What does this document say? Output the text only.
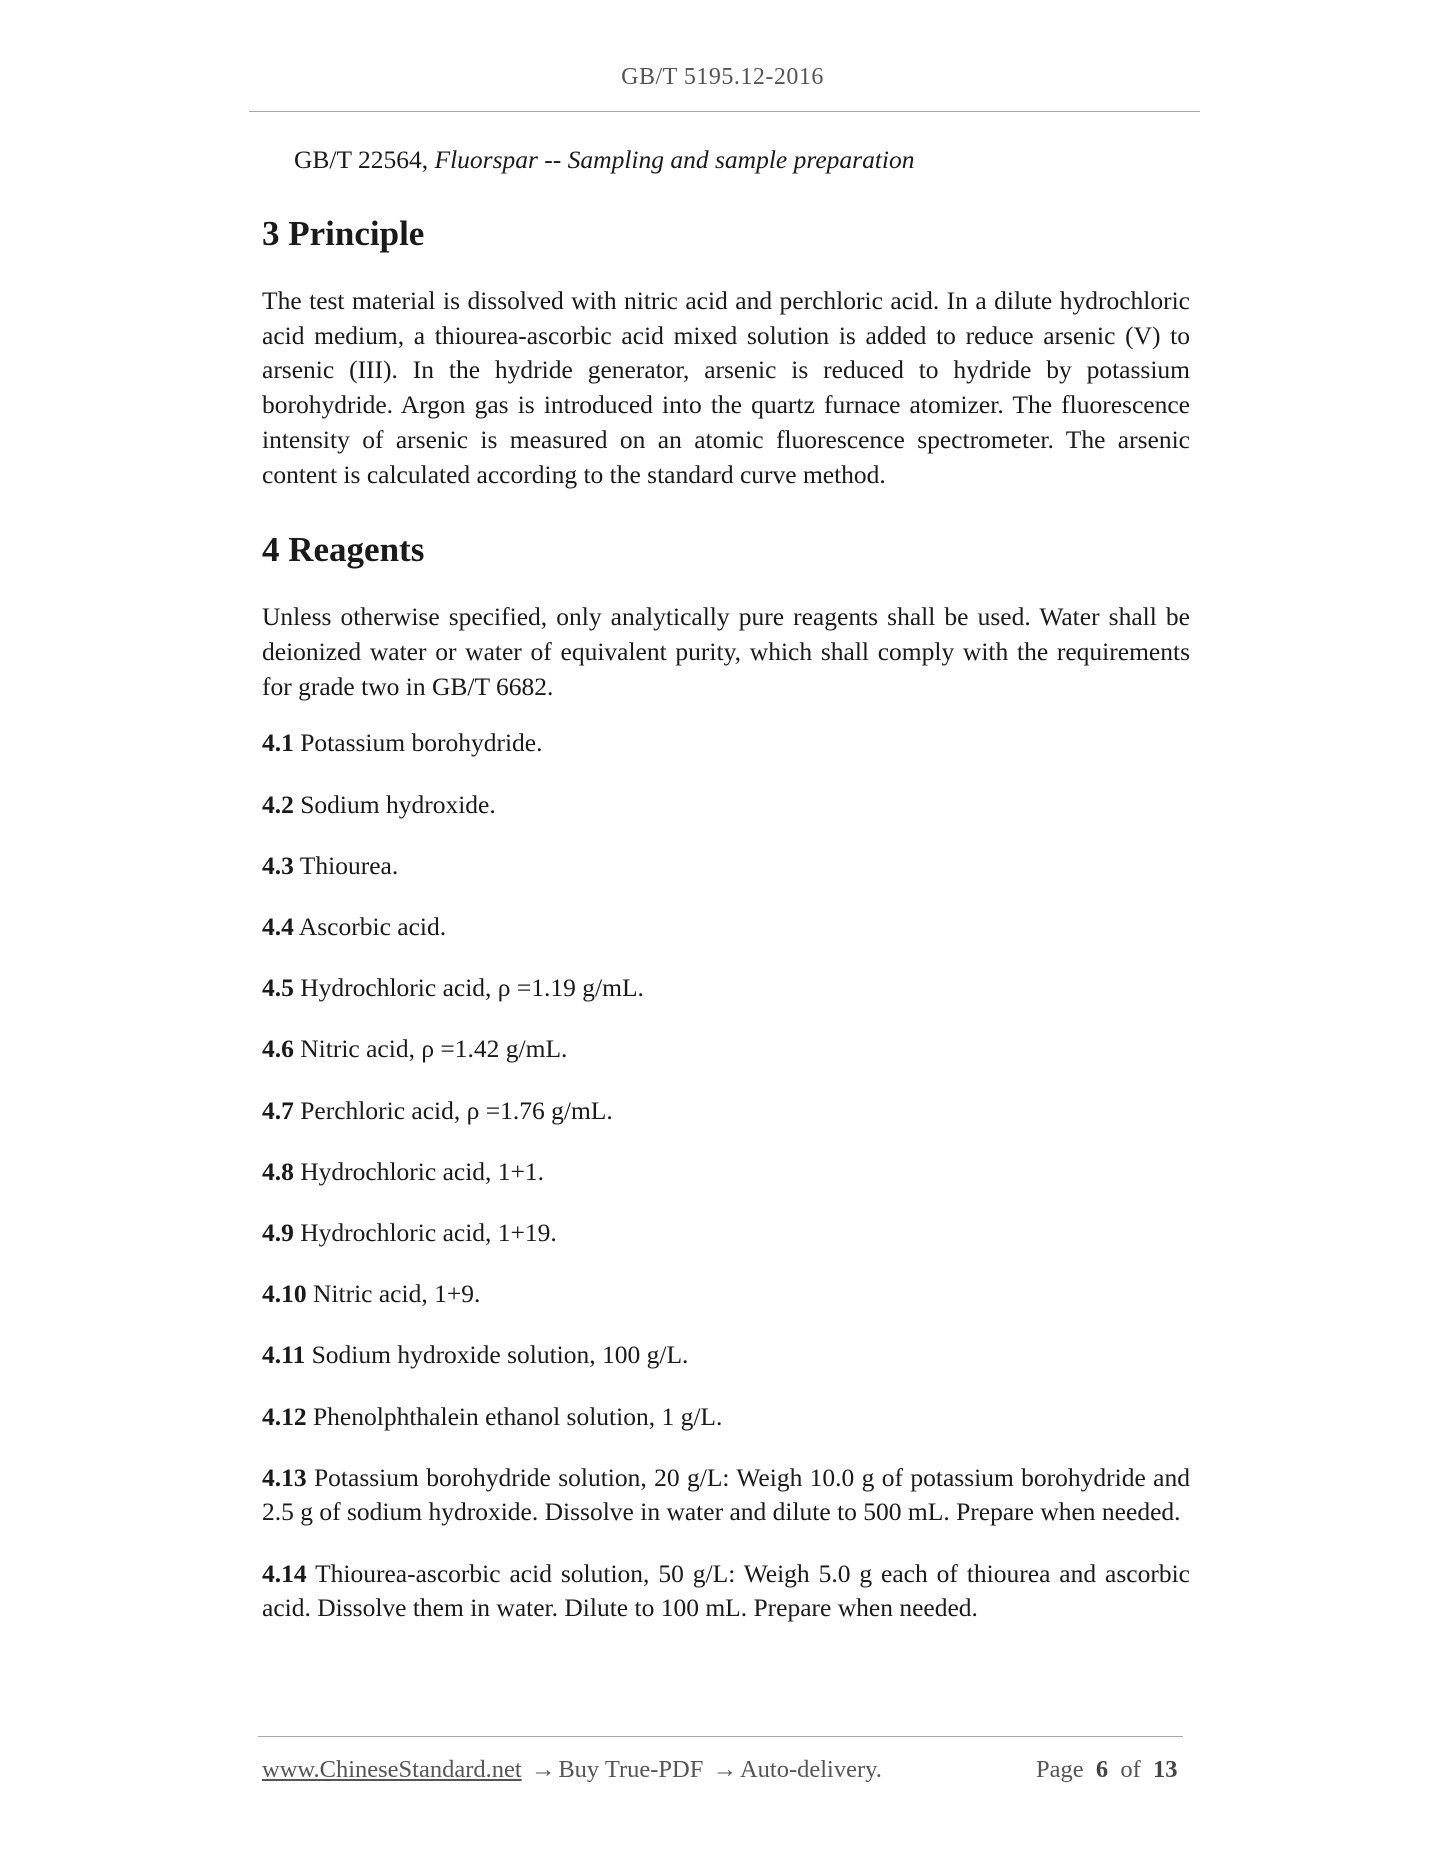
GB/T 5195.12-2016

GB/T 22564, Fluorspar -- Sampling and sample preparation

3 Principle

The test material is dissolved with nitric acid and perchloric acid. In a dilute hydrochloric acid medium, a thiourea-ascorbic acid mixed solution is added to reduce arsenic (V) to arsenic (III). In the hydride generator, arsenic is reduced to hydride by potassium borohydride. Argon gas is introduced into the quartz furnace atomizer. The fluorescence intensity of arsenic is measured on an atomic fluorescence spectrometer. The arsenic content is calculated according to the standard curve method.

4 Reagents

Unless otherwise specified, only analytically pure reagents shall be used. Water shall be deionized water or water of equivalent purity, which shall comply with the requirements for grade two in GB/T 6682.

4.1 Potassium borohydride.
4.2 Sodium hydroxide.
4.3 Thiourea.
4.4 Ascorbic acid.
4.5 Hydrochloric acid, ρ =1.19 g/mL.
4.6 Nitric acid, ρ =1.42 g/mL.
4.7 Perchloric acid, ρ =1.76 g/mL.
4.8 Hydrochloric acid, 1+1.
4.9 Hydrochloric acid, 1+19.
4.10 Nitric acid, 1+9.
4.11 Sodium hydroxide solution, 100 g/L.
4.12 Phenolphthalein ethanol solution, 1 g/L.
4.13 Potassium borohydride solution, 20 g/L: Weigh 10.0 g of potassium borohydride and 2.5 g of sodium hydroxide. Dissolve in water and dilute to 500 mL. Prepare when needed.
4.14 Thiourea-ascorbic acid solution, 50 g/L: Weigh 5.0 g each of thiourea and ascorbic acid. Dissolve them in water. Dilute to 100 mL. Prepare when needed.
www.ChineseStandard.net → Buy True-PDF → Auto-delivery.	Page 6 of 13
